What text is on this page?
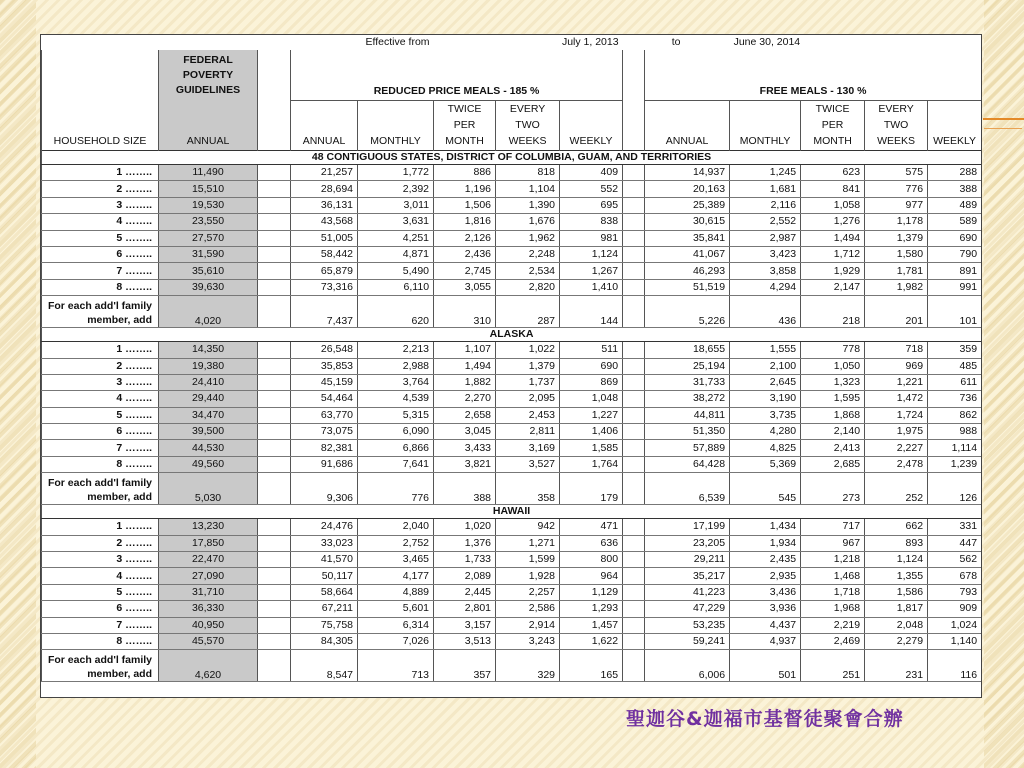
			Effective from		July 1, 2013			to		June 30, 2014			
	FEDERAL POVERTY GUIDELINES		REDUCED PRICE MEALS - 185 %						FREE MEALS - 130 %				
HOUSEHOLD SIZE	ANNUAL		ANNUAL	MONTHLY	TWICE PER MONTH	EVERY TWO WEEKS	WEEKLY		ANNUAL	MONTHLY	TWICE PER MONTH	EVERY TWO WEEKS	WEEKLY
48 CONTIGUOUS STATES, DISTRICT OF COLUMBIA, GUAM, AND TERRITORIES													
1 ……..	11,490		21,257	1,772	886	818	409		14,937	1,245	623	575	288
2 ……..	15,510		28,694	2,392	1,196	1,104	552		20,163	1,681	841	776	388
3 ……..	19,530		36,131	3,011	1,506	1,390	695		25,389	2,116	1,058	977	489
4 ……..	23,550		43,568	3,631	1,816	1,676	838		30,615	2,552	1,276	1,178	589
5 ……..	27,570		51,005	4,251	2,126	1,962	981		35,841	2,987	1,494	1,379	690
6 ……..	31,590		58,442	4,871	2,436	2,248	1,124		41,067	3,423	1,712	1,580	790
7 ……..	35,610		65,879	5,490	2,745	2,534	1,267		46,293	3,858	1,929	1,781	891
8 ……..	39,630		73,316	6,110	3,055	2,820	1,410		51,519	4,294	2,147	1,982	991
For each add'l family member, add	4,020		7,437	620	310	287	144		5,226	436	218	201	101
ALASKA													
1 ……..	14,350		26,548	2,213	1,107	1,022	511		18,655	1,555	778	718	359
2 ……..	19,380		35,853	2,988	1,494	1,379	690		25,194	2,100	1,050	969	485
3 ……..	24,410		45,159	3,764	1,882	1,737	869		31,733	2,645	1,323	1,221	611
4 ……..	29,440		54,464	4,539	2,270	2,095	1,048		38,272	3,190	1,595	1,472	736
5 ……..	34,470		63,770	5,315	2,658	2,453	1,227		44,811	3,735	1,868	1,724	862
6 ……..	39,500		73,075	6,090	3,045	2,811	1,406		51,350	4,280	2,140	1,975	988
7 ……..	44,530		82,381	6,866	3,433	3,169	1,585		57,889	4,825	2,413	2,227	1,114
8 ……..	49,560		91,686	7,641	3,821	3,527	1,764		64,428	5,369	2,685	2,478	1,239
For each add'l family member, add	5,030		9,306	776	388	358	179		6,539	545	273	252	126
HAWAII													
1 ……..	13,230		24,476	2,040	1,020	942	471		17,199	1,434	717	662	331
2 ……..	17,850		33,023	2,752	1,376	1,271	636		23,205	1,934	967	893	447
3 ……..	22,470		41,570	3,465	1,733	1,599	800		29,211	2,435	1,218	1,124	562
4 ……..	27,090		50,117	4,177	2,089	1,928	964		35,217	2,935	1,468	1,355	678
5 ……..	31,710		58,664	4,889	2,445	2,257	1,129		41,223	3,436	1,718	1,586	793
6 ……..	36,330		67,211	5,601	2,801	2,586	1,293		47,229	3,936	1,968	1,817	909
7 ……..	40,950		75,758	6,314	3,157	2,914	1,457		53,235	4,437	2,219	2,048	1,024
8 ……..	45,570		84,305	7,026	3,513	3,243	1,622		59,241	4,937	2,469	2,279	1,140
For each add'l family member, add	4,620		8,547	713	357	329	165		6,006	501	251	231	116
聖迦谷&迦福市基督徒聚會合辦
